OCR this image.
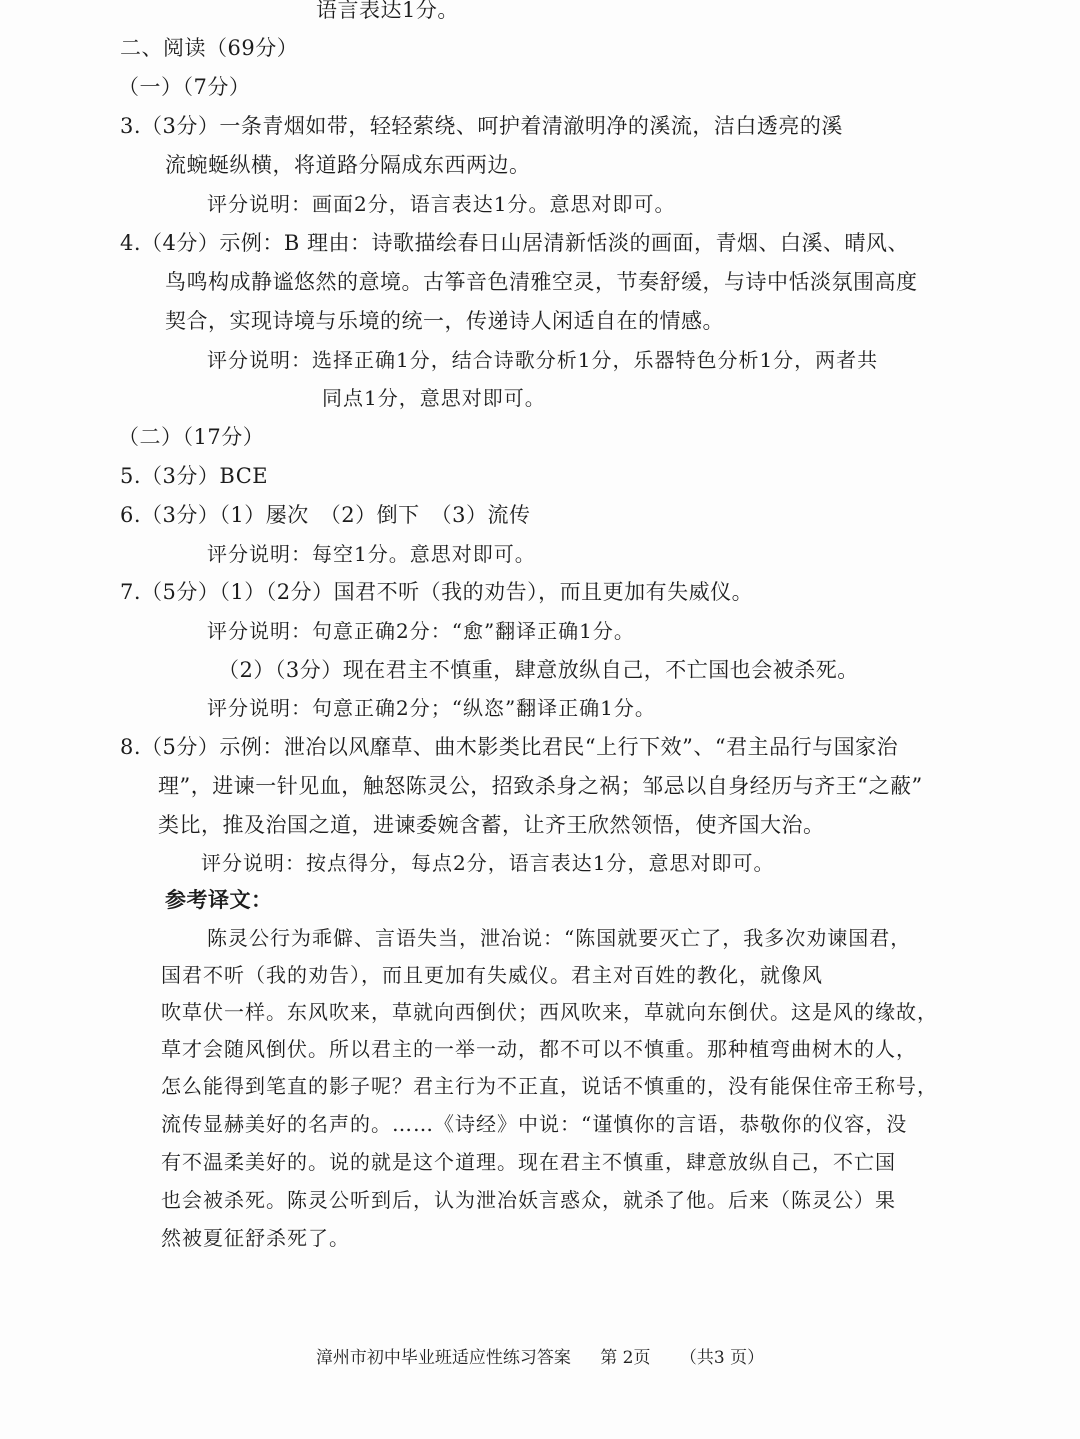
语言表达1分。
二、阅读（69分）
（一）（7分）
3.（3分）一条青烟如带，轻轻萦绕、呵护着清澈明净的溪流，洁白透亮的溪
流蜿蜒纵横，将道路分隔成东西两边。
评分说明：画面2分，语言表达1分。意思对即可。
4.（4分）示例：B 理由：诗歌描绘春日山居清新恬淡的画面，青烟、白溪、晴风、
鸟鸣构成静谧悠然的意境。古筝音色清雅空灵，节奏舒缓，与诗中恬淡氛围高度
契合，实现诗境与乐境的统一，传递诗人闲适自在的情感。
评分说明：选择正确1分，结合诗歌分析1分，乐器特色分析1分，两者共
同点1分，意思对即可。
（二）（17分）
5.（3分）BCE
6.（3分）（1）屡次　（2）倒下　（3）流传
评分说明：每空1分。意思对即可。
7.（5分）（1）（2分）国君不听（我的劝告），而且更加有失威仪。
评分说明：句意正确2分：“愈”翻译正确1分。
（2）（3分）现在君主不慎重，肆意放纵自己，不亡国也会被杀死。
评分说明：句意正确2分；“纵恣”翻译正确1分。
8.（5分）示例：泄冶以风靡草、曲木影类比君民“上行下效”、“君主品行与国家治
理”，进谏一针见血，触怒陈灵公，招致杀身之祸；邹忌以自身经历与齐王“之蔽”
类比，推及治国之道，进谏委婉含蓄，让齐王欣然领悟，使齐国大治。
评分说明：按点得分，每点2分，语言表达1分，意思对即可。
参考译文：
陈灵公行为乖僻、言语失当，泄冶说：“陈国就要灭亡了，我多次劝谏国君，
国君不听（我的劝告），而且更加有失威仪。君主对百姓的教化，就像风
吹草伏一样。东风吹来，草就向西倒伏；西风吹来，草就向东倒伏。这是风的缘故，
草才会随风倒伏。所以君主的一举一动，都不可以不慎重。那种植弯曲树木的人，
怎么能得到笔直的影子呢？君主行为不正直，说话不慎重的，没有能保住帝王称号，
流传显赫美好的名声的。……《诗经》中说：“谨慎你的言语，恭敬你的仪容，没
有不温柔美好的。说的就是这个道理。现在君主不慎重，肆意放纵自己，不亡国
也会被杀死。陈灵公听到后，认为泄冶妖言惑众，就杀了他。后来（陈灵公）果
然被夏征舒杀死了。
漳州市初中毕业班适应性练习答案 第 2页 （共3 页）
